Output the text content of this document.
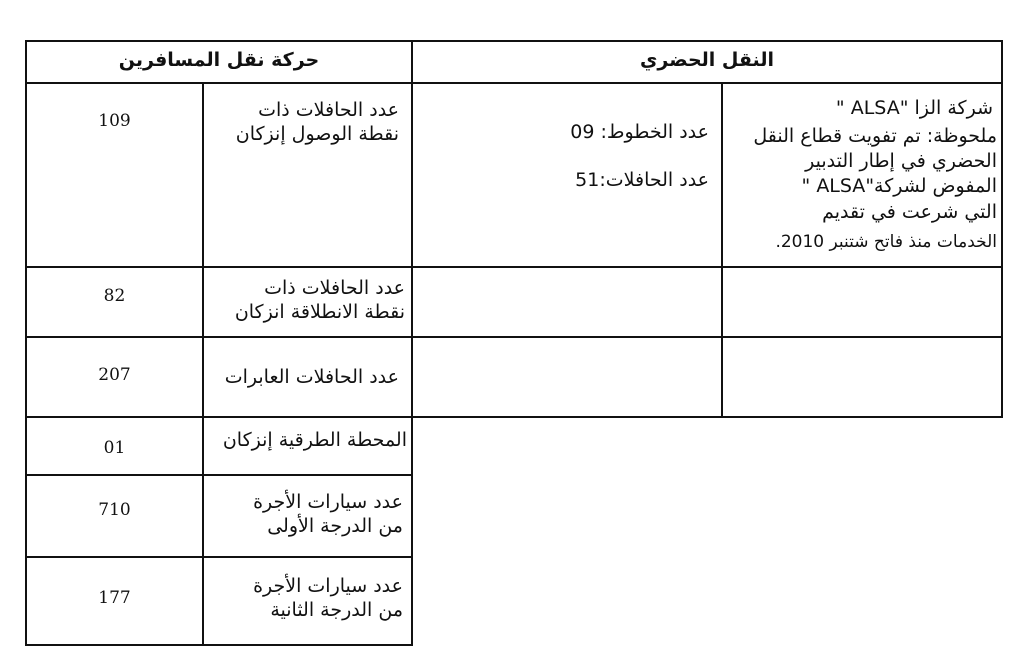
حركة نقل المسافرين	النقل الحضري
شركة الزا "ALSA "
ملحوظة: تم تفويت قطاع النقل
الحضري في إطار التدبير
المفوض لشركة"ALSA "
التي شرعت في تقديم
الخدمات منذ فاتح شتنبر 2010.
عدد الخطوط: 09
عدد الحافلات:51
عدد الحافلات ذات
نقطة الوصول إنزكان
109
عدد الحافلات ذات
نقطة الانطلاقة انزكان
82
عدد الحافلات العابرات
207
المحطة الطرقية إنزكان
01
عدد سيارات الأجرة
من الدرجة الأولى
710
عدد سيارات الأجرة
من الدرجة الثانية
177
